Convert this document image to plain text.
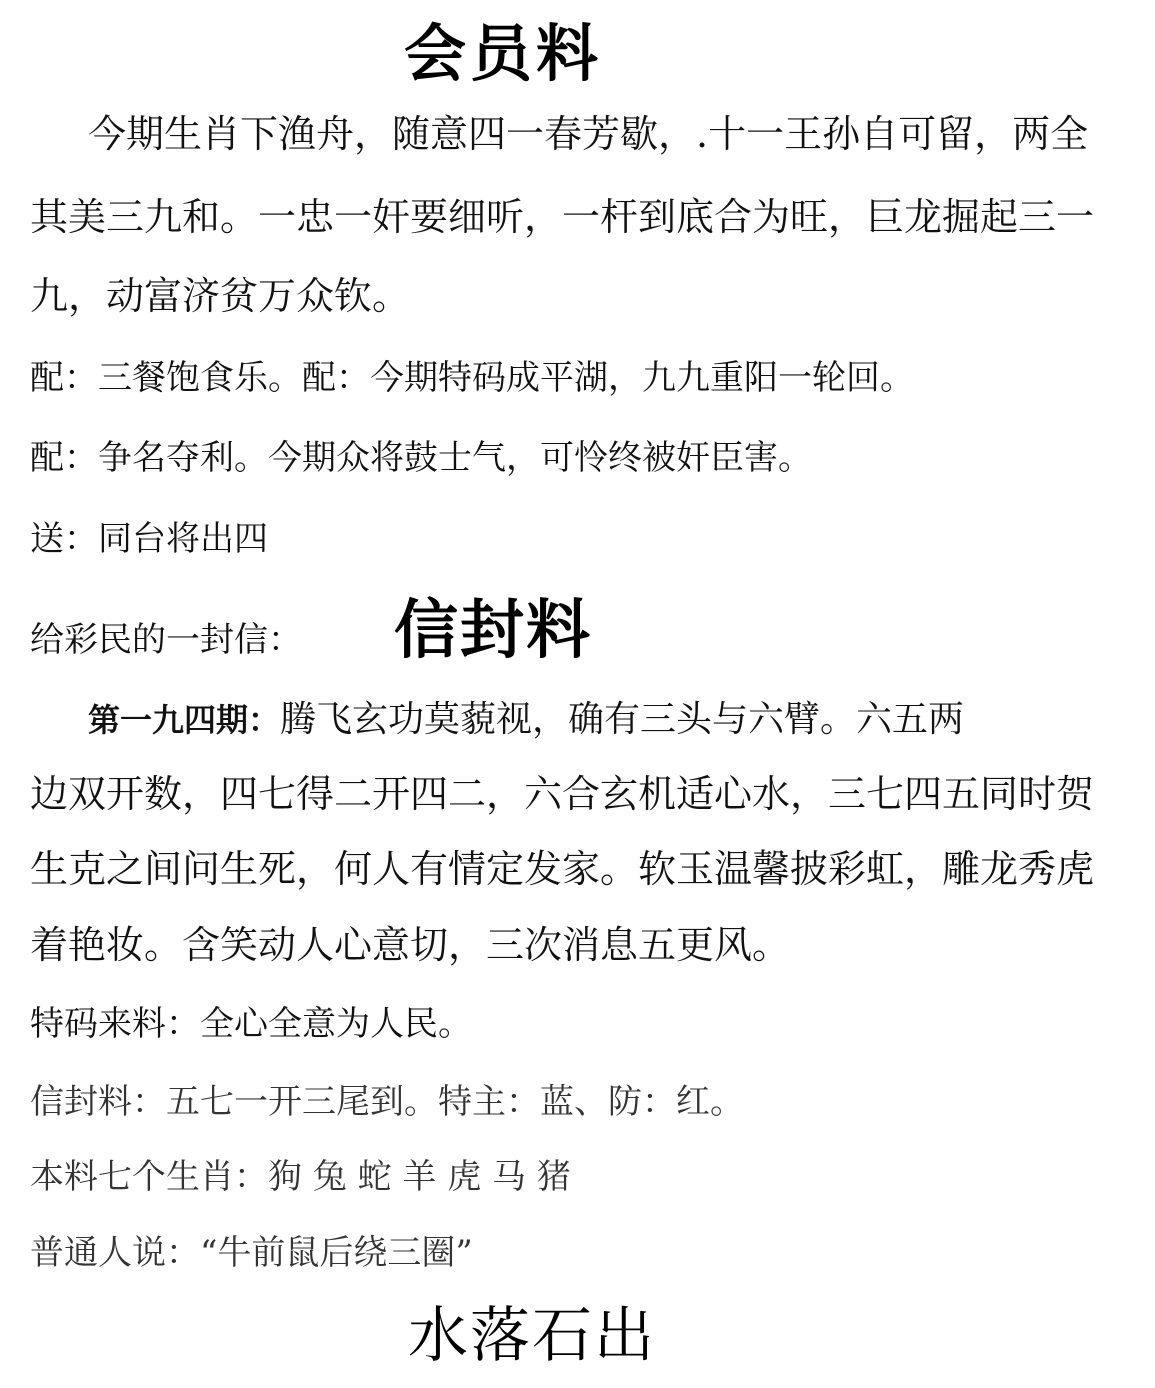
会员料
今期生肖下渔舟，随意四一春芳歇，.十一王孙自可留，两全
其美三九和。一忠一奸要细听，一杆到底合为旺，巨龙掘起三一
九，动富济贫万众钦。
配：三餐饱食乐。配：今期特码成平湖，九九重阳一轮回。
配：争名夺利。今期众将鼓士气，可怜终被奸臣害。
送：同台将出四
给彩民的一封信： 信封料
第一九四期：腾飞玄功莫藐视，确有三头与六臂。六五两
边双开数，四七得二开四二，六合玄机适心水，三七四五同时贺
生克之间问生死，何人有情定发家。软玉温馨披彩虹，雕龙秀虎
着艳妆。含笑动人心意切，三次消息五更风。
特码来料：全心全意为人民。
信封料：五七一开三尾到。特主：蓝、防：红。
本料七个生肖：狗 兔 蛇 羊 虎 马 猪
普通人说：“牛前鼠后绕三圈”
水落石出
